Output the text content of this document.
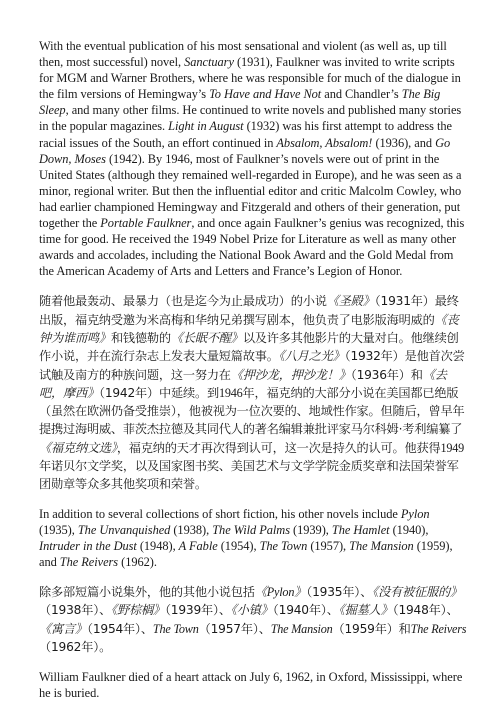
With the eventual publication of his most sensational and violent (as well as, up till then, most successful) novel, Sanctuary (1931), Faulkner was invited to write scripts for MGM and Warner Brothers, where he was responsible for much of the dialogue in the film versions of Hemingway’s To Have and Have Not and Chandler’s The Big Sleep, and many other films. He continued to write novels and published many stories in the popular magazines. Light in August (1932) was his first attempt to address the racial issues of the South, an effort continued in Absalom, Absalom! (1936), and Go Down, Moses (1942). By 1946, most of Faulkner’s novels were out of print in the United States (although they remained well-regarded in Europe), and he was seen as a minor, regional writer. But then the influential editor and critic Malcolm Cowley, who had earlier championed Hemingway and Fitzgerald and others of their generation, put together the Portable Faulkner, and once again Faulkner’s genius was recognized, this time for good. He received the 1949 Nobel Prize for Literature as well as many other awards and accolades, including the National Book Award and the Gold Medal from the American Academy of Arts and Letters and France’s Legion of Honor.

随着他最轰动、最暴力（也是迄今为止最成功）的小说《圣殿》（1931年）最终出版，福克纳受邀为米高梅和华纳兄弟撰写剧本，他负责了电影版海明威的《丧钟为谁而鸣》和钱德勒的《长眠不醒》以及许多其他影片的大量对白。他继续创作小说，并在流行杂志上发表大量短篇故事。《八月之光》（1932年）是他首次尝试触及南方的种族问题，这一努力在《押沙龙，押沙龙！》（1936年）和《去吧，摩西》（1942年）中延续。到1946年，福克纳的大部分小说在美国都已绝版（虽然在欧洲仍备受推崇），他被视为一位次要的、地域性作家。但随后，曾早年提携过海明威、菲茨杰拉德及其同代人的著名编辑兼批评家马尔科姆·考利编纂了《福克纳文选》，福克纳的天才再次得到认可，这一次是持久的认可。他获得1949年诺贝尔文学奖，以及国家图书奖、美国艺术与文学学院金质奖章和法国荣誉军团勋章等众多其他奖项和荣誉。

In addition to several collections of short fiction, his other novels include Pylon (1935), The Unvanquished (1938), The Wild Palms (1939), The Hamlet (1940), Intruder in the Dust (1948), A Fable (1954), The Town (1957), The Mansion (1959), and The Reivers (1962).

除多部短篇小说集外，他的其他小说包括《Pylon》（1935年）、《没有被征服的》（1938年）、《野棕榈》（1939年）、《小镇》（1940年）、《掘墓人》（1948年）、《寓言》（1954年）、The Town（1957年）、The Mansion（1959年）和The Reivers（1962年）。

William Faulkner died of a heart attack on July 6, 1962, in Oxford, Mississippi, where he is buried.
